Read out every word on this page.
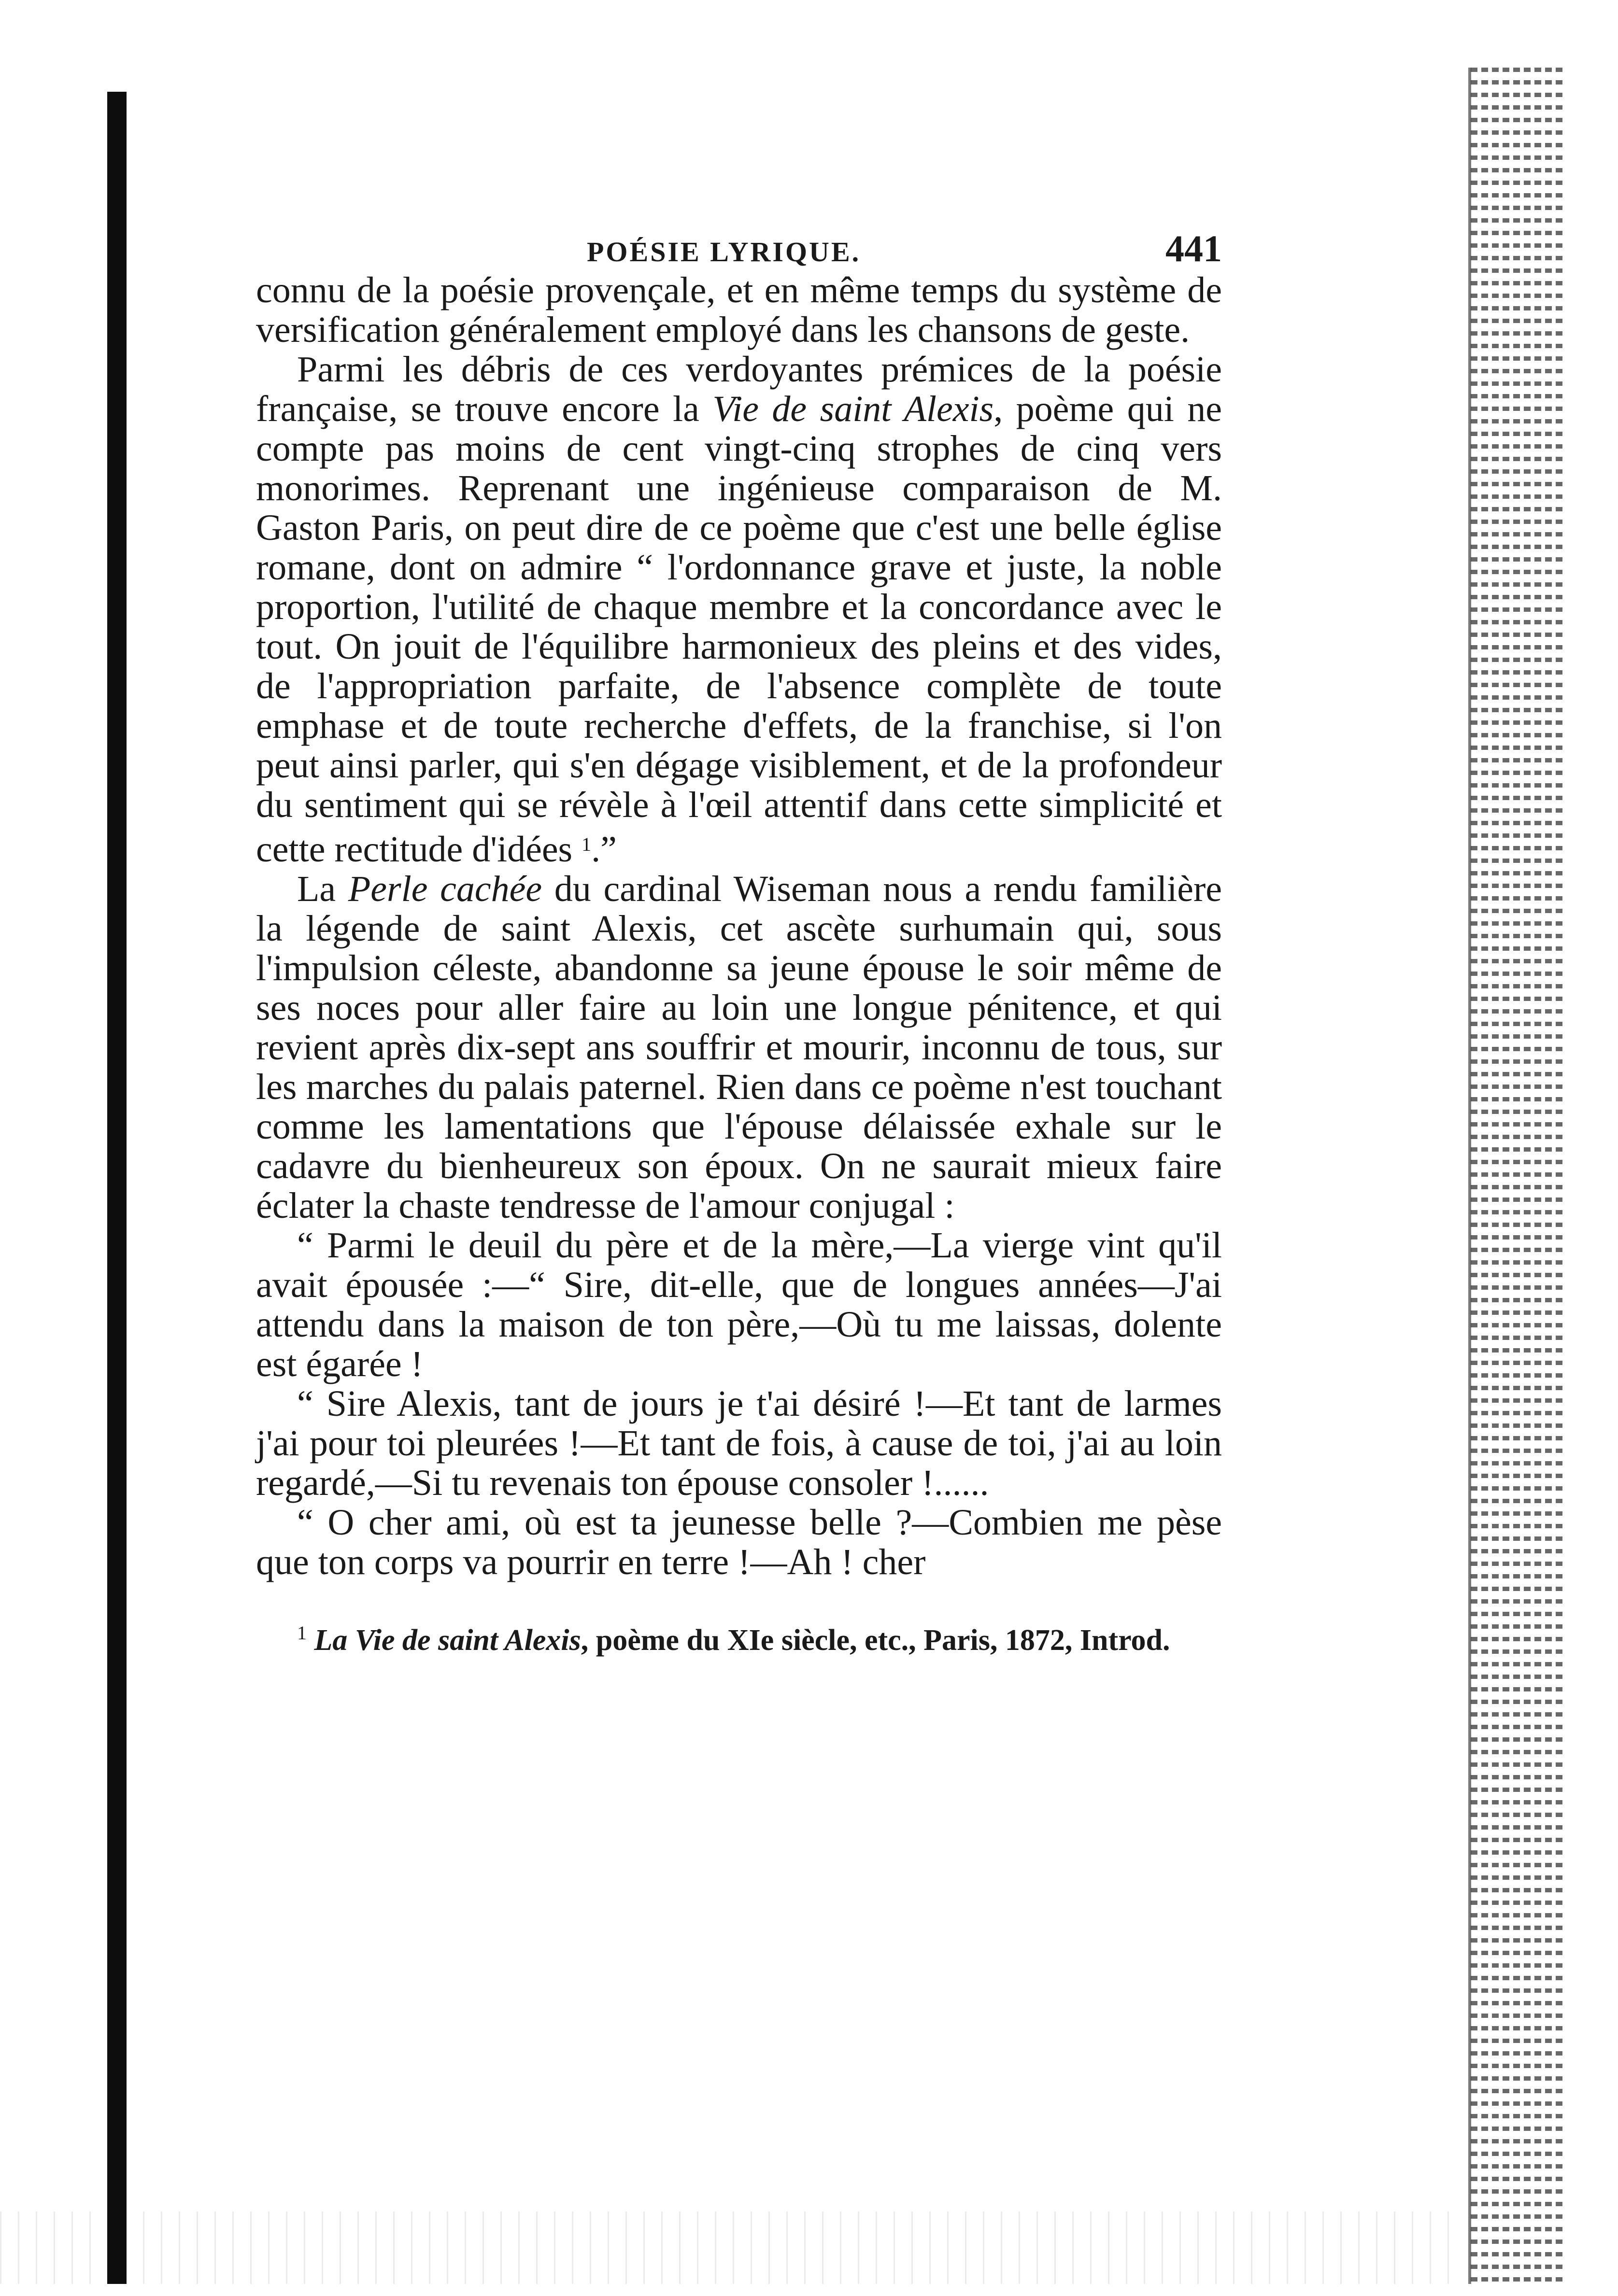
POÉSIE LYRIQUE.	441

connu de la poésie provençale, et en même temps du système de versification généralement employé dans les chansons de geste.

Parmi les débris de ces verdoyantes prémices de la poésie française, se trouve encore la Vie de saint Alexis, poème qui ne compte pas moins de cent vingt-cinq strophes de cinq vers monorimes. Reprenant une ingénieuse comparaison de M. Gaston Paris, on peut dire de ce poème que c'est une belle église romane, dont on admire “ l'ordonnance grave et juste, la noble proportion, l'utilité de chaque membre et la concordance avec le tout. On jouit de l'équilibre harmonieux des pleins et des vides, de l'appropriation parfaite, de l'absence complète de toute emphase et de toute recherche d'effets, de la franchise, si l'on peut ainsi parler, qui s'en dégage visiblement, et de la profondeur du sentiment qui se révèle à l'œil attentif dans cette simplicité et cette rectitude d'idées $^1$.”

La Perle cachée du cardinal Wiseman nous a rendu familière la légende de saint Alexis, cet ascète surhumain qui, sous l'impulsion céleste, abandonne sa jeune épouse le soir même de ses noces pour aller faire au loin une longue pénitence, et qui revient après dix-sept ans souffrir et mourir, inconnu de tous, sur les marches du palais paternel. Rien dans ce poème n'est touchant comme les lamentations que l'épouse délaissée exhale sur le cadavre du bienheureux son époux. On ne saurait mieux faire éclater la chaste tendresse de l'amour conjugal :

“ Parmi le deuil du père et de la mère,—La vierge vint qu'il avait épousée :—“ Sire, dit-elle, que de longues années—J'ai attendu dans la maison de ton père,—Où tu me laissas, dolente est égarée !

“ Sire Alexis, tant de jours je t'ai désiré !—Et tant de larmes j'ai pour toi pleurées !—Et tant de fois, à cause de toi, j'ai au loin regardé,—Si tu revenais ton épouse consoler !......

“ O cher ami, où est ta jeunesse belle ?—Combien me pèse que ton corps va pourrir en terre !—Ah ! cher

$^1$ La Vie de saint Alexis, poème du XIe siècle, etc., Paris, 1872, Introd.
